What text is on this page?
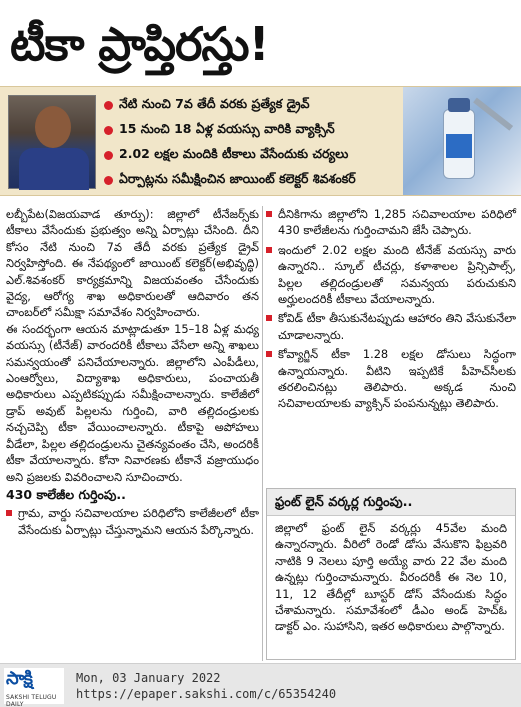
టీకా ప్రాప్తిరస్తు!
నేటి నుంచి 7వ తేదీ వరకు ప్రత్యేక డ్రైవ్
15 నుంచి 18 ఏళ్ల వయస్సు వారికి వ్యాక్సిన్
2.02 లక్షల మందికి టీకాలు వేసేందుకు చర్యలు
ఏర్పాట్లను సమీక్షించిన జాయింట్ కలెక్టర్ శివశంకర్

లబ్బీపేట(విజయవాడ తూర్పు): జిల్లాలో టీనేజర్స్‌కు టీకాలు వేసేందుకు ప్రభుత్వం అన్ని ఏర్పాట్లు చేసింది. దీని కోసం నేటి నుంచి 7వ తేదీ వరకు ప్రత్యేక డ్రైవ్ నిర్వహిస్తోంది. ఈ నేపథ్యంలో జాయింట్ కలెక్టర్(అభివృద్ధి) ఎల్‌.శివశంకర్ కార్యక్రమాన్ని విజయవంతం చేసేందుకు వైద్య, ఆరోగ్య శాఖ అధికారులతో ఆదివారం తన చాంబర్‌లో సమీక్షా సమావేశం నిర్వహించారు.

ఈ సందర్భంగా ఆయన మాట్లాడుతూ 15–18 ఏళ్ల మధ్య వయస్సు (టీనేజ్) వారందరికీ టీకాలు వేసేలా అన్ని శాఖలు సమన్వయంతో పనిచేయాలన్నారు. జిల్లాలోని ఎంపీడీలు, ఎంఆర్వోలు, విద్యాశాఖ అధికారులు, పంచాయతీ అధికారులు ఎప్పటికప్పుడు సమీక్షించాలన్నారు. కాలేజీలో డ్రాప్ అవుట్ పిల్లలను గుర్తించి, వారి తల్లిదండ్రులకు నచ్చచెప్పి టీకా వేయించాలన్నారు. టీకాపై అపోహలు వీడేలా, పిల్లల తల్లిదండ్రులను చైతన్యవంతం చేసి, అందరికీ టీకా వేయాలన్నారు. కోనా నివారణకు టీకానే వజ్రాయుధం అని ప్రజలకు వివరించాలని సూచించారు.

430 కాలేజీల గుర్తింపు..
గ్రామ, వార్డు సచివాలయాల పరిధిలోని కాలేజీలలో టీకా వేసేందుకు ఏర్పాట్లు చేస్తున్నామని ఆయన పేర్కొన్నారు.
దీనికిగాను జిల్లాలోని 1,285 సచివాలయాల పరిధిలో 430 కాలేజీలను గుర్తించామని జేసీ చెప్పారు.
ఇందులో 2.02 లక్షల మంది టీనేజ్ వయస్సు వారు ఉన్నారని.. స్కూల్ టీచర్లు, కళాశాలల ప్రిన్సిపాల్స్, పిల్లల తల్లిదండ్రులతో సమన్వయ పరుచుకుని అర్హులందరికీ టీకాలు వేయాలన్నారు.
కోవిడ్ టీకా తీసుకునేటప్పుడు ఆహారం తిని వేసుకునేలా చూడాలన్నారు.
కోవ్యాగ్జిన్ టీకా 1.28 లక్షల డోసులు సిద్ధంగా ఉన్నాయన్నారు. వీటిని ఇప్పటికే పీహెచ్‌సీలకు తరలించినట్లు తెలిపారు. అక్కడ నుంచి సచివాలయాలకు వ్యాక్సిన్ పంపనున్నట్లు తెలిపారు.
ఫ్రంట్ లైన్ వర్కర్ల గుర్తింపు..
జిల్లాలో ఫ్రంట్ లైన్ వర్కర్లు 45వేల మంది ఉన్నారన్నారు. వీరిలో రెండో డోసు వేసుకొని ఫిబ్రవరి నాటికి 9 నెలలు పూర్తి అయ్యే వారు 22 వేల మంది ఉన్నట్లు గుర్తించామన్నారు. వీరందరికీ ఈ నెల 10, 11, 12 తేదీల్లో బూస్టర్ డోస్ వేసేందుకు సిద్ధం చేశామన్నారు. సమావేశంలో డీఎం అండ్ హెచ్‌ఓ డాక్టర్ ఎం. సుహాసిని, ఇతర అధికారులు పాల్గొన్నారు.
సాక్షి
SAKSHI TELUGU DAILY
Mon, 03 January 2022
https://epaper.sakshi.com/c/65354240
